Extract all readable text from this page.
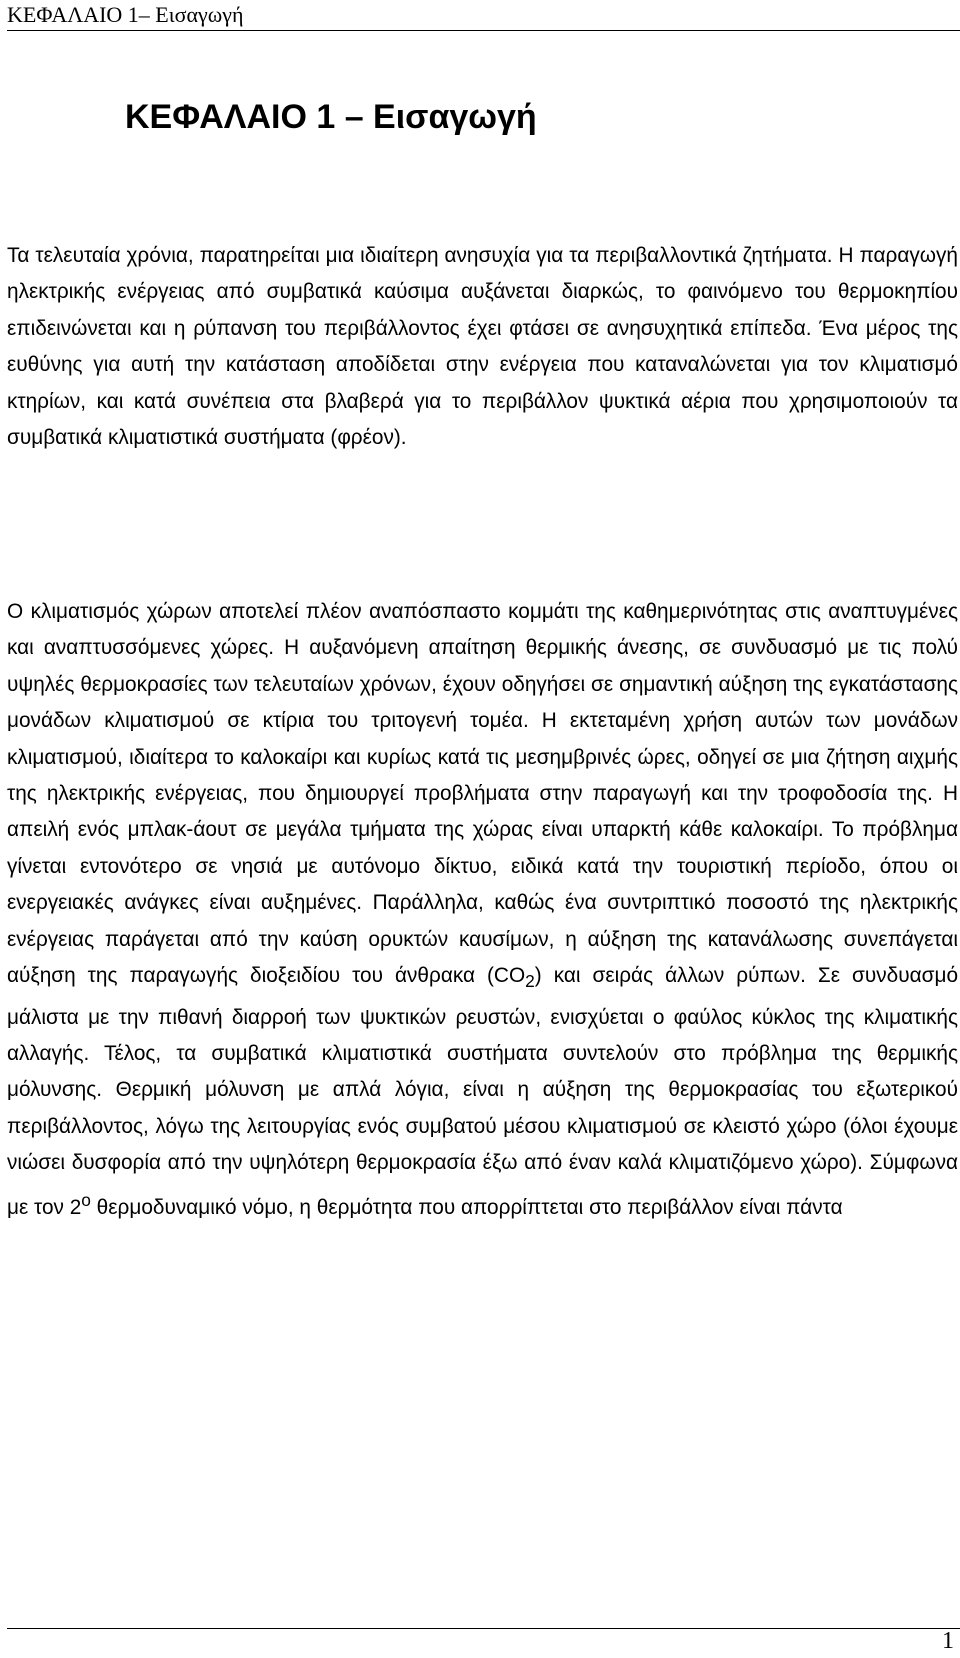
ΚΕΦΑΛΑΙΟ 1– Εισαγωγή
ΚΕΦΑΛΑΙΟ 1 – Εισαγωγή

Τα τελευταία χρόνια, παρατηρείται μια ιδιαίτερη ανησυχία για τα περιβαλλοντικά ζητήματα. Η παραγωγή ηλεκτρικής ενέργειας από συμβατικά καύσιμα αυξάνεται διαρκώς, το φαινόμενο του θερμοκηπίου επιδεινώνεται και η ρύπανση του περιβάλλοντος έχει φτάσει σε ανησυχητικά επίπεδα. Ένα μέρος της ευθύνης για αυτή την κατάσταση αποδίδεται στην ενέργεια που καταναλώνεται για τον κλιματισμό κτηρίων, και κατά συνέπεια στα βλαβερά για το περιβάλλον ψυκτικά αέρια που χρησιμοποιούν τα συμβατικά κλιματιστικά συστήματα (φρέον).

Ο κλιματισμός χώρων αποτελεί πλέον αναπόσπαστο κομμάτι της καθημερινότητας στις αναπτυγμένες και αναπτυσσόμενες χώρες. Η αυξανόμενη απαίτηση θερμικής άνεσης, σε συνδυασμό με τις πολύ υψηλές θερμοκρασίες των τελευταίων χρόνων, έχουν οδηγήσει σε σημαντική αύξηση της εγκατάστασης μονάδων κλιματισμού σε κτίρια του τριτογενή τομέα. Η εκτεταμένη χρήση αυτών των μονάδων κλιματισμού, ιδιαίτερα το καλοκαίρι και κυρίως κατά τις μεσημβρινές ώρες, οδηγεί σε μια ζήτηση αιχμής της ηλεκτρικής ενέργειας, που δημιουργεί προβλήματα στην παραγωγή και την τροφοδοσία της. Η απειλή ενός μπλακ-άουτ σε μεγάλα τμήματα της χώρας είναι υπαρκτή κάθε καλοκαίρι. Το πρόβλημα γίνεται εντονότερο σε νησιά με αυτόνομο δίκτυο, ειδικά κατά την τουριστική περίοδο, όπου οι ενεργειακές ανάγκες είναι αυξημένες. Παράλληλα, καθώς ένα συντριπτικό ποσοστό της ηλεκτρικής ενέργειας παράγεται από την καύση ορυκτών καυσίμων, η αύξηση της κατανάλωσης συνεπάγεται αύξηση της παραγωγής διοξειδίου του άνθρακα $(CO_2)$ και σειράς άλλων ρύπων. Σε συνδυασμό μάλιστα με την πιθανή διαρροή των ψυκτικών ρευστών, ενισχύεται ο φαύλος κύκλος της κλιματικής αλλαγής. Τέλος, τα συμβατικά κλιματιστικά συστήματα συντελούν στο πρόβλημα της θερμικής μόλυνσης. Θερμική μόλυνση με απλά λόγια, είναι η αύξηση της θερμοκρασίας του εξωτερικού περιβάλλοντος, λόγω της λειτουργίας ενός συμβατού μέσου κλιματισμού σε κλειστό χώρο (όλοι έχουμε νιώσει δυσφορία από την υψηλότερη θερμοκρασία έξω από έναν καλά κλιματιζόμενο χώρο). Σύμφωνα με τον $2^o$ θερμοδυναμικό νόμο, η θερμότητα που απορρίπτεται στο περιβάλλον είναι πάντα

1
